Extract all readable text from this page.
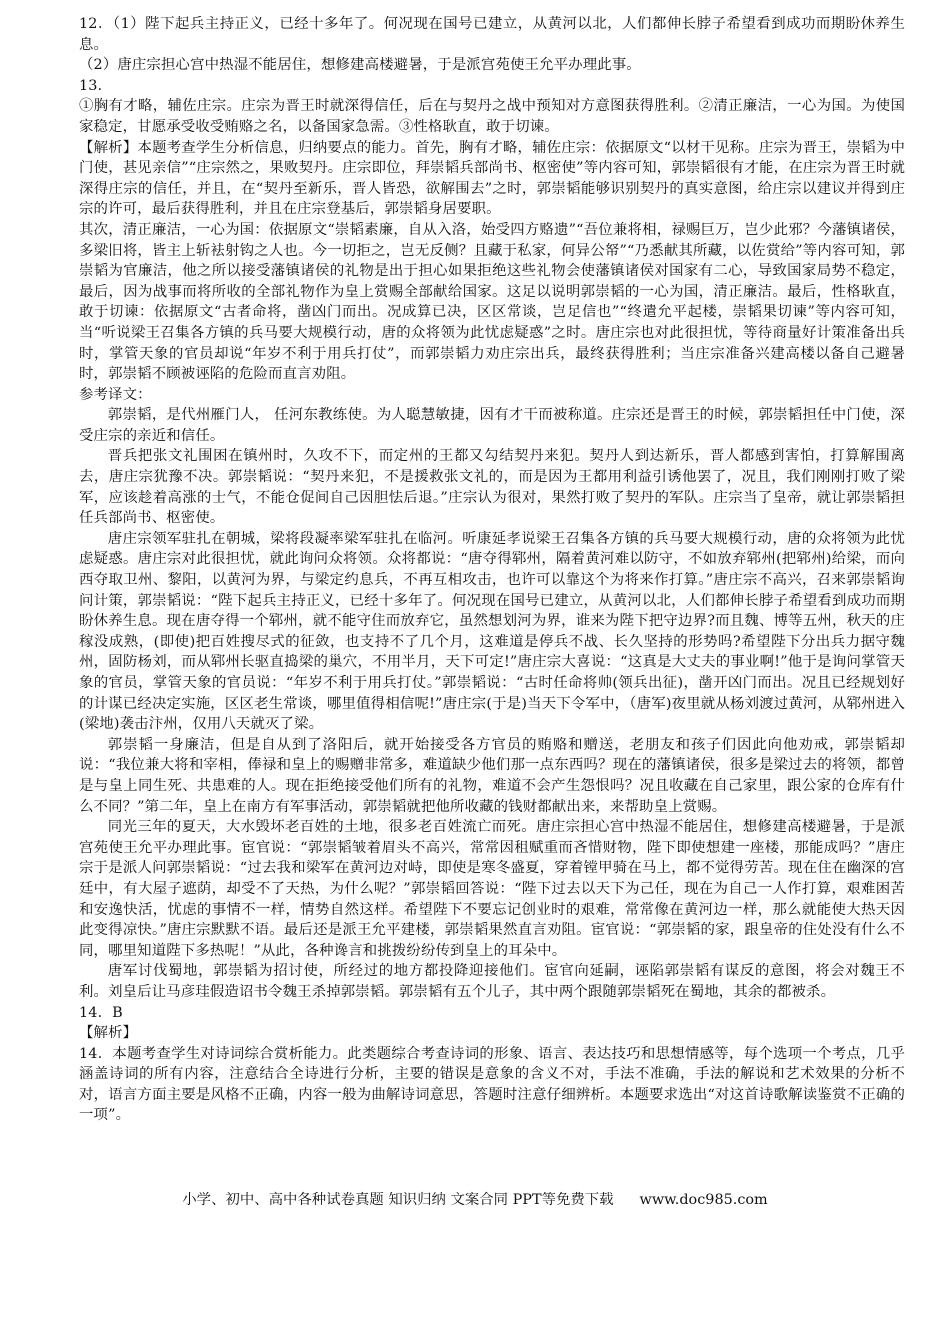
12．（1）陛下起兵主持正义，已经十多年了。何况现在国号已建立，从黄河以北，人们都伸长脖子希望看到成功而期盼休养生息。

（2）唐庄宗担心宫中热湿不能居住，想修建高楼避暑，于是派宫苑使王允平办理此事。

13．

①胸有才略，辅佐庄宗。庄宗为晋王时就深得信任，后在与契丹之战中预知对方意图获得胜利。②清正廉洁，一心为国。为使国家稳定，甘愿承受收受贿赂之名，以备国家急需。③性格耿直，敢于切谏。

【解析】本题考查学生分析信息，归纳要点的能力。首先，胸有才略，辅佐庄宗：依据原文“以材干见称。庄宗为晋王，崇韬为中门使，甚见亲信”“庄宗然之，果败契丹。庄宗即位，拜崇韬兵部尚书、枢密使”等内容可知，郭崇韬很有才能，在庄宗为晋王时就深得庄宗的信任，并且，在“契丹至新乐，晋人皆恐，欲解围去”之时，郭崇韬能够识别契丹的真实意图，给庄宗以建议并得到庄宗的许可，最后获得胜利，并且在庄宗登基后，郭崇韬身居要职。

其次，清正廉洁，一心为国：依据原文“崇韬素廉，自从入洛，始受四方赂遗”“吾位兼将相，禄赐巨万，岂少此邪？今藩镇诸侯，多梁旧将，皆主上斩袪射钩之人也。今一切拒之，岂无反侧？且藏于私家，何异公帑”“乃悉献其所藏，以佐赏给”等内容可知，郭崇韬为官廉洁，他之所以接受藩镇诸侯的礼物是出于担心如果拒绝这些礼物会使藩镇诸侯对国家有二心，导致国家局势不稳定，最后，因为战事而将所收的全部礼物作为皇上赏赐全部献给国家。这足以说明郭崇韬的一心为国，清正廉洁。最后，性格耿直，敢于切谏：依据原文“古者命将，凿凶门而出。况成算已决，区区常谈，岂足信也”“终遣允平起楼，崇韬果切谏”等内容可知，当“听说梁王召集各方镇的兵马要大规模行动，唐的众将领为此忧虑疑惑”之时。唐庄宗也对此很担忧，等待商量好计策准备出兵时，掌管天象的官员却说“年岁不利于用兵打仗”，而郭崇韬力劝庄宗出兵，最终获得胜利；当庄宗准备兴建高楼以备自己避暑时，郭崇韬不顾被诬陷的危险而直言劝阻。

参考译文：

郭崇韬，是代州雁门人， 任河东教练使。为人聪慧敏捷，因有才干而被称道。庄宗还是晋王的时候，郭崇韬担任中门使，深受庄宗的亲近和信任。

晋兵把张文礼围困在镇州时，久攻不下，而定州的王都又勾结契丹来犯。契丹人到达新乐，晋人都感到害怕，打算解围离去，唐庄宗犹豫不决。郭崇韬说：“契丹来犯，不是援救张文礼的，而是因为王都用利益引诱他罢了，况且，我们刚刚打败了梁军，应该趁着高涨的士气，不能仓促间自己因胆怯后退。”庄宗认为很对，果然打败了契丹的军队。庄宗当了皇帝，就让郭崇韬担任兵部尚书、枢密使。

唐庄宗领军驻扎在朝城，梁将段凝率梁军驻扎在临河。听康延孝说梁王召集各方镇的兵马要大规模行动，唐的众将领为此忧虑疑惑。唐庄宗对此很担忧，就此询问众将领。众将都说：“唐夺得郓州，隔着黄河难以防守，不如放弃郓州(把郓州)给梁，而向西夺取卫州、黎阳，以黄河为界，与梁定约息兵，不再互相攻击，也许可以靠这个为将来作打算。”唐庄宗不高兴，召来郭崇韬询问计策，郭崇韬说：“陛下起兵主持正义，已经十多年了。何况现在国号已建立，从黄河以北，人们都伸长脖子希望看到成功而期盼休养生息。现在唐夺得一个郓州，就不能守住而放弃它，虽然想划河为界，谁来为陛下把守边界?而且魏、博等五州，秋天的庄稼没成熟，(即使)把百姓搜尽式的征敛，也支持不了几个月，这难道是停兵不战、长久坚持的形势吗?希望陛下分出兵力据守魏州，固防杨刘，而从郓州长驱直捣梁的巢穴，不用半月，天下可定!”唐庄宗大喜说：“这真是大丈夫的事业啊!”他于是询问掌管天象的官员，掌管天象的官员说：“年岁不利于用兵打仗。”郭崇韬说：“古时任命将帅(领兵出征)，凿开凶门而出。况且已经规划好的计谋已经决定实施，区区老生常谈，哪里值得相信呢!”唐庄宗(于是)当天下令军中，（唐军)夜里就从杨刘渡过黄河，从郓州进入(梁地)袭击汴州，仅用八天就灭了梁。

郭崇韬一身廉洁，但是自从到了洛阳后，就开始接受各方官员的贿赂和赠送，老朋友和孩子们因此向他劝戒，郭崇韬却说：“我位兼大将和宰相，俸禄和皇上的赐赠非常多，难道缺少他们那一点东西吗？现在的藩镇诸侯，很多是梁过去的将领，都曾是与皇上同生死、共患难的人。现在拒绝接受他们所有的礼物，难道不会产生怨恨吗？况且收藏在自己家里，跟公家的仓库有什么不同？”第二年，皇上在南方有军事活动，郭崇韬就把他所收藏的钱财都献出来，来帮助皇上赏赐。

同光三年的夏天，大水毁坏老百姓的土地，很多老百姓流亡而死。唐庄宗担心宫中热湿不能居住，想修建高楼避暑，于是派宫苑使王允平办理此事。宦官说：“郭崇韬皱着眉头不高兴，常常因租赋重而吝惜财物，陛下即使想建一座楼，那能成吗？”唐庄宗于是派人问郭崇韬说：“过去我和梁军在黄河边对峙，即使是寒冬盛夏，穿着镗甲骑在马上，都不觉得劳苦。现在住在幽深的宫廷中，有大屋子遮荫，却受不了天热，为什么呢？”郭崇韬回答说：“陛下过去以天下为己任，现在为自己一人作打算，艰难困苦和安逸快活，忧虑的事情不一样，情势自然这样。希望陛下不要忘记创业时的艰难，常常像在黄河边一样，那么就能使大热天因此变得凉快。”唐庄宗默默不语。最后还是派王允平建楼，郭崇韬果然直言劝阻。宦官说：“郭崇韬的家，跟皇帝的住处没有什么不同，哪里知道陛下多热呢！”从此，各种谗言和挑拨纷纷传到皇上的耳朵中。

唐军讨伐蜀地，郭崇韬为招讨使，所经过的地方都投降迎接他们。宦官向延嗣，诬陷郭崇韬有谋反的意图，将会对魏王不利。刘皇后让马彦珪假造诏书令魏王杀掉郭崇韬。郭崇韬有五个儿子，其中两个跟随郭崇韬死在蜀地，其余的都被杀。

14．B

【解析】

14．本题考查学生对诗词综合赏析能力。此类题综合考查诗词的形象、语言、表达技巧和思想情感等，每个选项一个考点，几乎涵盖诗词的所有内容，注意结合全诗进行分析，主要的错误是意象的含义不对，手法不准确，手法的解说和艺术效果的分析不对，语言方面主要是风格不正确，内容一般为曲解诗词意思，答题时注意仔细辨析。本题要求选出“对这首诗歌解读鉴赏不正确的一项”。

小学、初中、高中各种试卷真题 知识归纳 文案合同 PPT等免费下载 www.doc985.com
